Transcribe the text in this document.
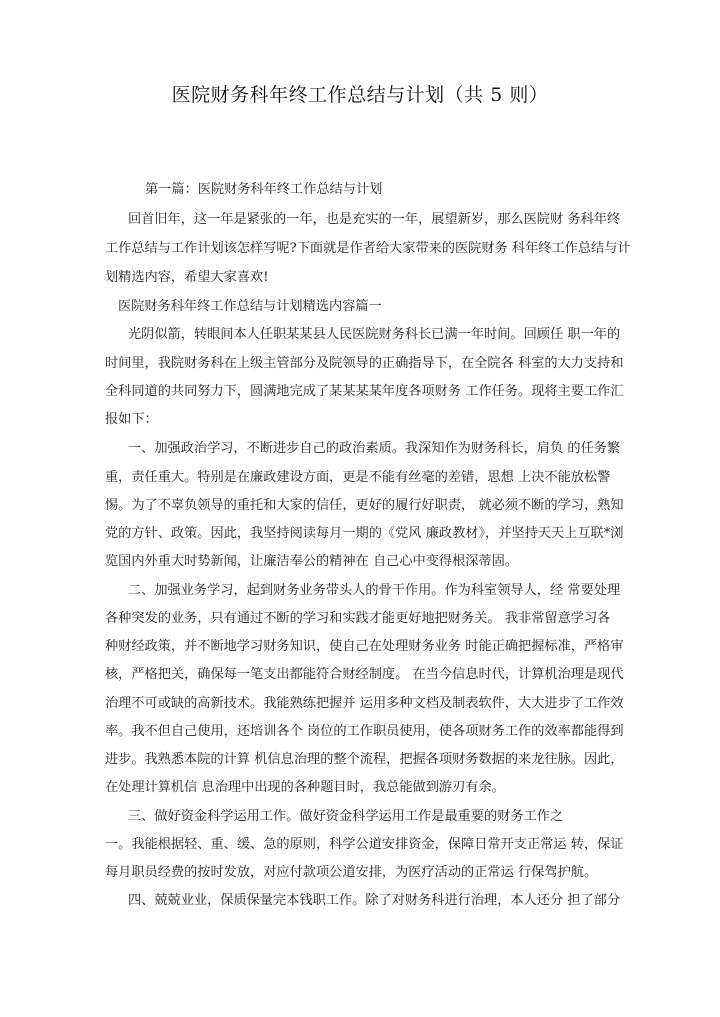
医院财务科年终工作总结与计划（共 5 则）
第一篇：医院财务科年终工作总结与计划
回首旧年，这一年是紧张的一年，也是充实的一年，展望新岁，那么医院财 务科年终
工作总结与工作计划该怎样写呢?下面就是作者给大家带来的医院财务 科年终工作总结与计
划精选内容，希望大家喜欢!
医院财务科年终工作总结与计划精选内容篇一
光阴似箭，转眼间本人任职某某县人民医院财务科长已满一年时间。回顾任 职一年的
时间里，我院财务科在上级主管部分及院领导的正确指导下，在全院各 科室的大力支持和
全科同道的共同努力下，圆满地完成了某某某某年度各项财务 工作任务。现将主要工作汇
报如下：
一、加强政治学习，不断进步自己的政治素质。我深知作为财务科长，肩负 的任务繁
重，责任重大。特别是在廉政建设方面，更是不能有丝毫的差错，思想 上决不能放松警
惕。为了不辜负领导的重托和大家的信任，更好的履行好职责， 就必须不断的学习，熟知
党的方针、政策。因此，我坚持阅读每月一期的《党风 廉政教材》，并坚持天天上互联*浏
览国内外重大时势新闻，让廉洁奉公的精神在 自己心中变得根深蒂固。
二、加强业务学习，起到财务业务带头人的骨干作用。作为科室领导人，经 常要处理
各种突发的业务，只有通过不断的学习和实践才能更好地把财务关。 我非常留意学习各
种财经政策，并不断地学习财务知识，使自己在处理财务业务 时能正确把握标准，严格审
核，严格把关，确保每一笔支出都能符合财经制度。 在当今信息时代，计算机治理是现代
治理不可或缺的高新技术。我能熟练把握并 运用多种文档及制表软件，大大进步了工作效
率。我不但自己使用，还培训各个 岗位的工作职员使用，使各项财务工作的效率都能得到
进步。我熟悉本院的计算 机信息治理的整个流程，把握各项财务数据的来龙往脉。因此，
在处理计算机信 息治理中出现的各种题目时，我总能做到游刃有余。
三、做好资金科学运用工作。做好资金科学运用工作是最重要的财务工作之
一。我能根据轻、重、缓、急的原则，科学公道安排资金，保障日常开支正常运 转，保证
每月职员经费的按时发放，对应付款项公道安排，为医疗活动的正常运 行保驾护航。
四、兢兢业业，保质保量完本钱职工作。除了对财务科进行治理，本人还分 担了部分
